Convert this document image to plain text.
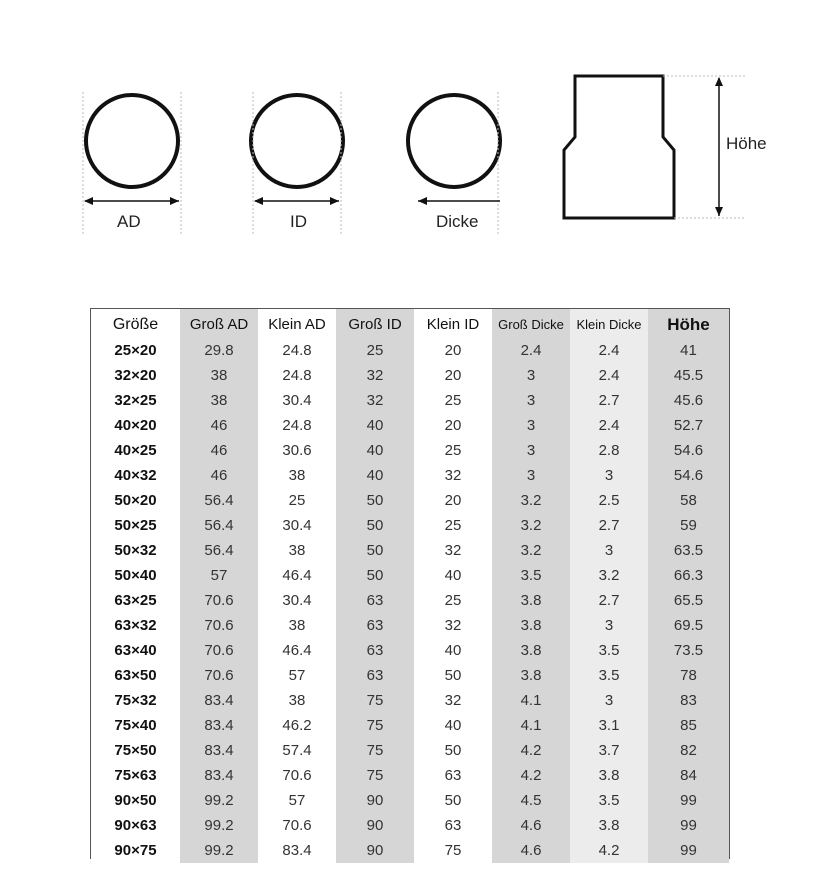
AD	ID	Dicke
Höhe
Größe	Groß AD	Klein AD	Groß ID	Klein ID	Groß Dicke	Klein Dicke	Höhe
25×20	29.8	24.8	25	20	2.4	2.4	41
32×20	38	24.8	32	20	3	2.4	45.5
32×25	38	30.4	32	25	3	2.7	45.6
40×20	46	24.8	40	20	3	2.4	52.7
40×25	46	30.6	40	25	3	2.8	54.6
40×32	46	38	40	32	3	3	54.6
50×20	56.4	25	50	20	3.2	2.5	58
50×25	56.4	30.4	50	25	3.2	2.7	59
50×32	56.4	38	50	32	3.2	3	63.5
50×40	57	46.4	50	40	3.5	3.2	66.3
63×25	70.6	30.4	63	25	3.8	2.7	65.5
63×32	70.6	38	63	32	3.8	3	69.5
63×40	70.6	46.4	63	40	3.8	3.5	73.5
63×50	70.6	57	63	50	3.8	3.5	78
75×32	83.4	38	75	32	4.1	3	83
75×40	83.4	46.2	75	40	4.1	3.1	85
75×50	83.4	57.4	75	50	4.2	3.7	82
75×63	83.4	70.6	75	63	4.2	3.8	84
90×50	99.2	57	90	50	4.5	3.5	99
90×63	99.2	70.6	90	63	4.6	3.8	99
90×75	99.2	83.4	90	75	4.6	4.2	99
